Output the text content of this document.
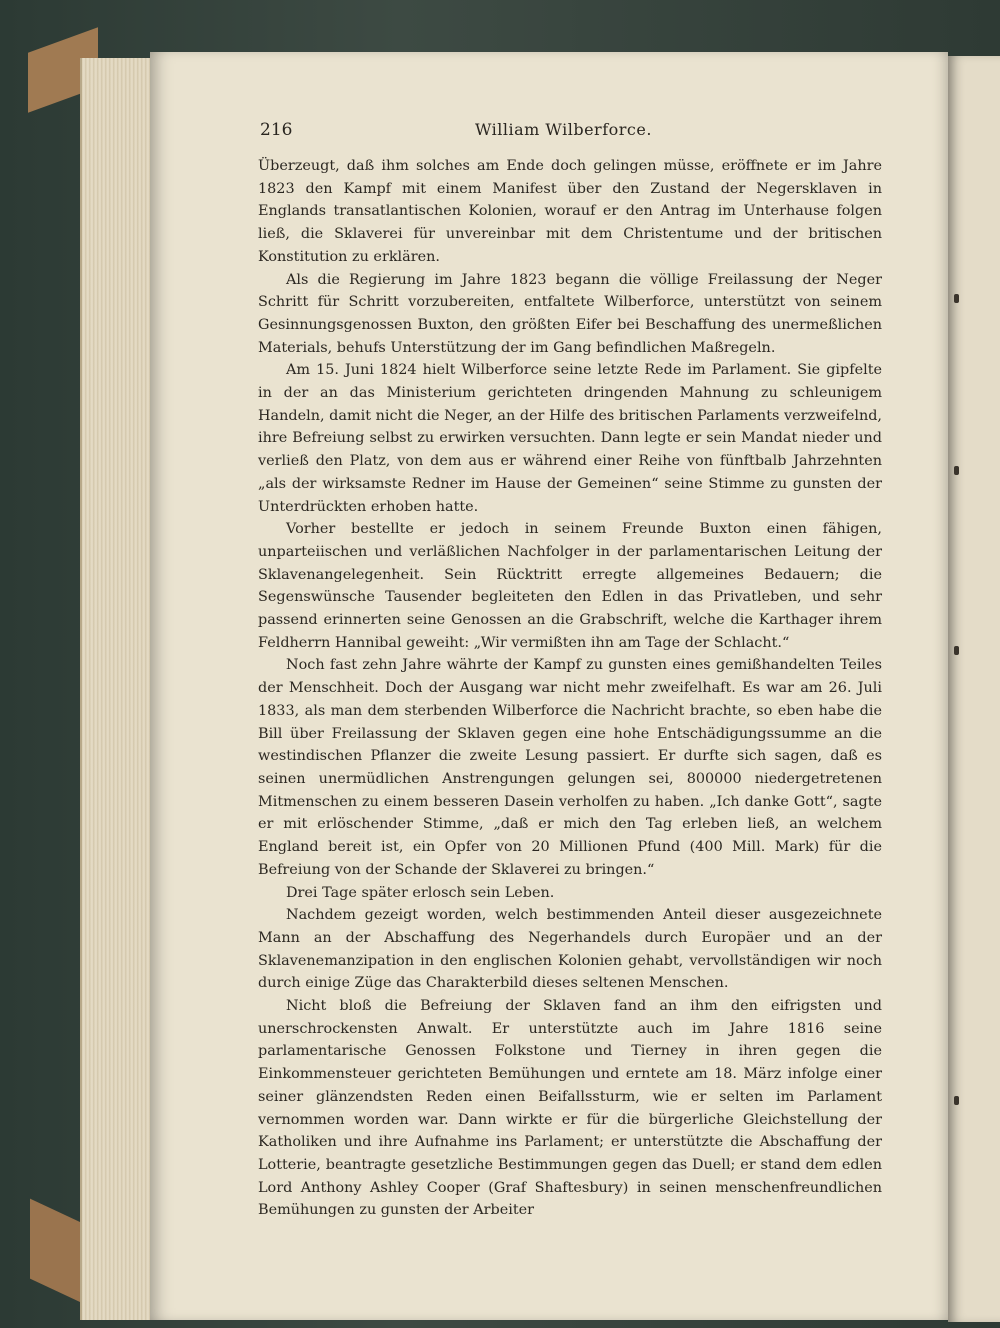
216	William Wilberforce.

Überzeugt, daß ihm solches am Ende doch gelingen müsse, eröffnete er im Jahre 1823 den Kampf mit einem Manifest über den Zustand der Negersklaven in Englands transatlantischen Kolonien, worauf er den Antrag im Unterhause folgen ließ, die Sklaverei für unvereinbar mit dem Christentume und der britischen Konstitution zu erklären.

Als die Regierung im Jahre 1823 begann die völlige Freilassung der Neger Schritt für Schritt vorzubereiten, entfaltete Wilberforce, unterstützt von seinem Gesinnungsgenossen Buxton, den größten Eifer bei Beschaffung des unermeßlichen Materials, behufs Unterstützung der im Gang befindlichen Maßregeln.

Am 15. Juni 1824 hielt Wilberforce seine letzte Rede im Parlament. Sie gipfelte in der an das Ministerium gerichteten dringenden Mahnung zu schleunigem Handeln, damit nicht die Neger, an der Hilfe des britischen Parlaments verzweifelnd, ihre Befreiung selbst zu erwirken versuchten. Dann legte er sein Mandat nieder und verließ den Platz, von dem aus er während einer Reihe von fünftbalb Jahrzehnten „als der wirksamste Redner im Hause der Gemeinen“ seine Stimme zu gunsten der Unterdrückten erhoben hatte.

Vorher bestellte er jedoch in seinem Freunde Buxton einen fähigen, unparteiischen und verläßlichen Nachfolger in der parlamentarischen Leitung der Sklavenangelegenheit. Sein Rücktritt erregte allgemeines Bedauern; die Segenswünsche Tausender begleiteten den Edlen in das Privatleben, und sehr passend erinnerten seine Genossen an die Grabschrift, welche die Karthager ihrem Feldherrn Hannibal geweiht: „Wir vermißten ihn am Tage der Schlacht.“

Noch fast zehn Jahre währte der Kampf zu gunsten eines gemißhandelten Teiles der Menschheit. Doch der Ausgang war nicht mehr zweifelhaft. Es war am 26. Juli 1833, als man dem sterbenden Wilberforce die Nachricht brachte, so eben habe die Bill über Freilassung der Sklaven gegen eine hohe Entschädigungssumme an die westindischen Pflanzer die zweite Lesung passiert. Er durfte sich sagen, daß es seinen unermüdlichen Anstrengungen gelungen sei, 800000 niedergetretenen Mitmenschen zu einem besseren Dasein verholfen zu haben. „Ich danke Gott“, sagte er mit erlöschender Stimme, „daß er mich den Tag erleben ließ, an welchem England bereit ist, ein Opfer von 20 Millionen Pfund (400 Mill. Mark) für die Befreiung von der Schande der Sklaverei zu bringen.“

Drei Tage später erlosch sein Leben.

Nachdem gezeigt worden, welch bestimmenden Anteil dieser ausgezeichnete Mann an der Abschaffung des Negerhandels durch Europäer und an der Sklavenemanzipation in den englischen Kolonien gehabt, vervollständigen wir noch durch einige Züge das Charakterbild dieses seltenen Menschen.

Nicht bloß die Befreiung der Sklaven fand an ihm den eifrigsten und unerschrockensten Anwalt. Er unterstützte auch im Jahre 1816 seine parlamentarische Genossen Folkstone und Tierney in ihren gegen die Einkommensteuer gerichteten Bemühungen und erntete am 18. März infolge einer seiner glänzendsten Reden einen Beifallssturm, wie er selten im Parlament vernommen worden war. Dann wirkte er für die bürgerliche Gleichstellung der Katholiken und ihre Aufnahme ins Parlament; er unterstützte die Abschaffung der Lotterie, beantragte gesetzliche Bestimmungen gegen das Duell; er stand dem edlen Lord Anthony Ashley Cooper (Graf Shaftesbury) in seinen menschenfreundlichen Bemühungen zu gunsten der Arbeiter
